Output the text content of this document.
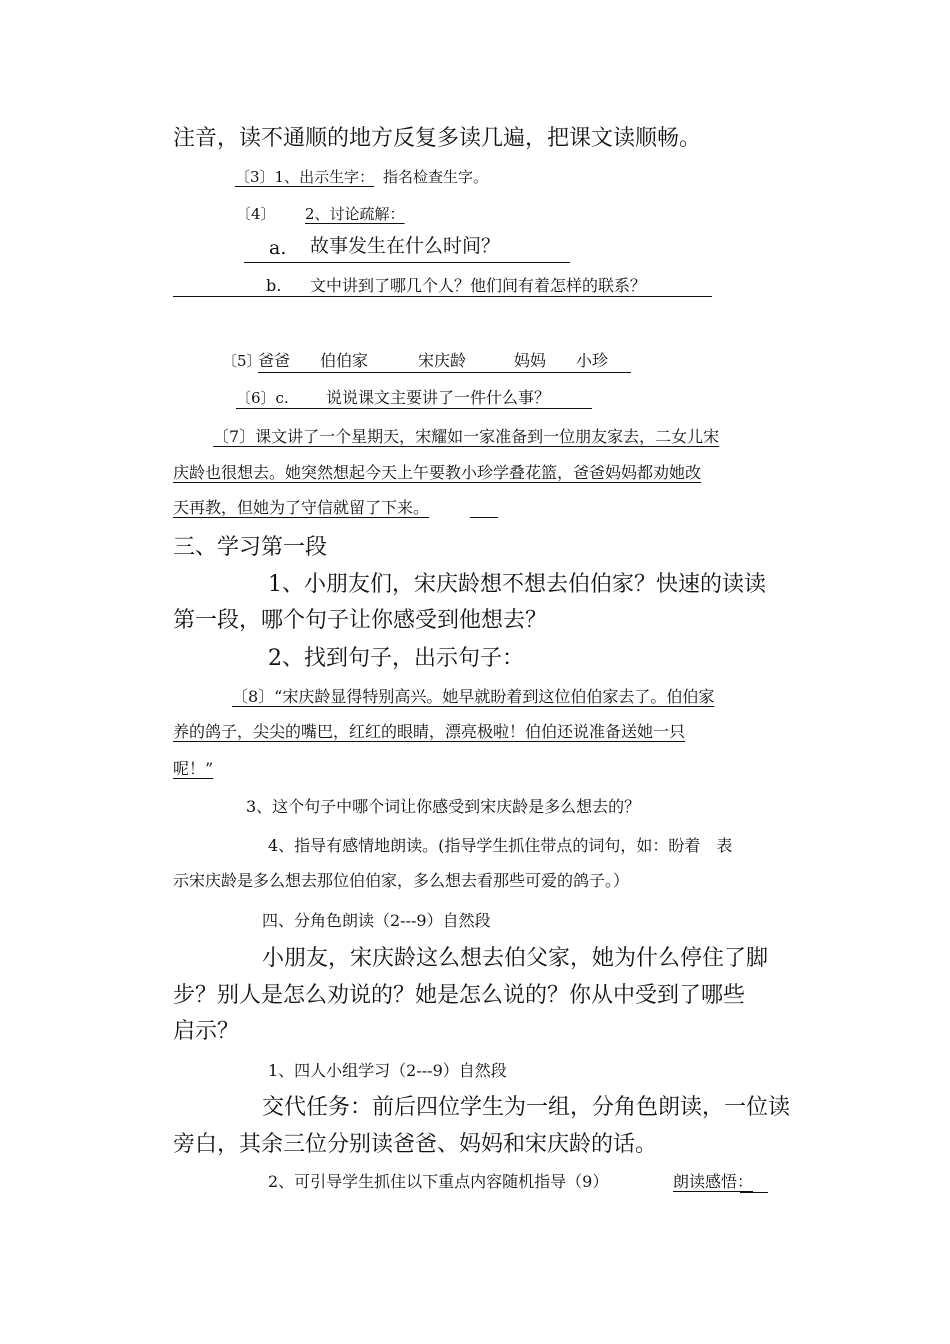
注音，读不通顺的地方反复多读几遍，把课文读顺畅。
〔3〕1、出示生字： 指名检查生字。
〔4〕 2、讨论疏解：
a. 故事发生在什么时间？
b. 文中讲到了哪几个人？他们间有着怎样的联系？
〔5〕
爸爸 伯伯家	宋庆龄	妈妈 小珍
〔6〕c. 说说课文主要讲了一件什么事？
〔7〕课文讲了一个星期天，宋耀如一家准备到一位朋友家去，二女儿宋
庆龄也很想去。她突然想起今天上午要教小珍学叠花篮，爸爸妈妈都劝她改
天再教，但她为了守信就留了下来。
三、学习第一段
1、小朋友们，宋庆龄想不想去伯伯家？快速的读读
第一段，哪个句子让你感受到他想去？
2、找到句子，出示句子：
〔8〕“宋庆龄显得特别高兴。她早就盼着到这位伯伯家去了。伯伯家
养的鸽子，尖尖的嘴巴，红红的眼睛，漂亮极啦！伯伯还说准备送她一只
呢！”
3、这个句子中哪个词让你感受到宋庆龄是多么想去的？
4、指导有感情地朗读。(指导学生抓住带点的词句，如：盼着　表
示宋庆龄是多么想去那位伯伯家，多么想去看那些可爱的鸽子。）
四、分角色朗读（2---9）自然段
小朋友，宋庆龄这么想去伯父家，她为什么停住了脚
步？别人是怎么劝说的？她是怎么说的？你从中受到了哪些
启示？
1、四人小组学习（2---9）自然段
交代任务：前后四位学生为一组，分角色朗读，一位读
旁白，其余三位分别读爸爸、妈妈和宋庆龄的话。
2、可引导学生抓住以下重点内容随机指导（9）	朗读感悟：
